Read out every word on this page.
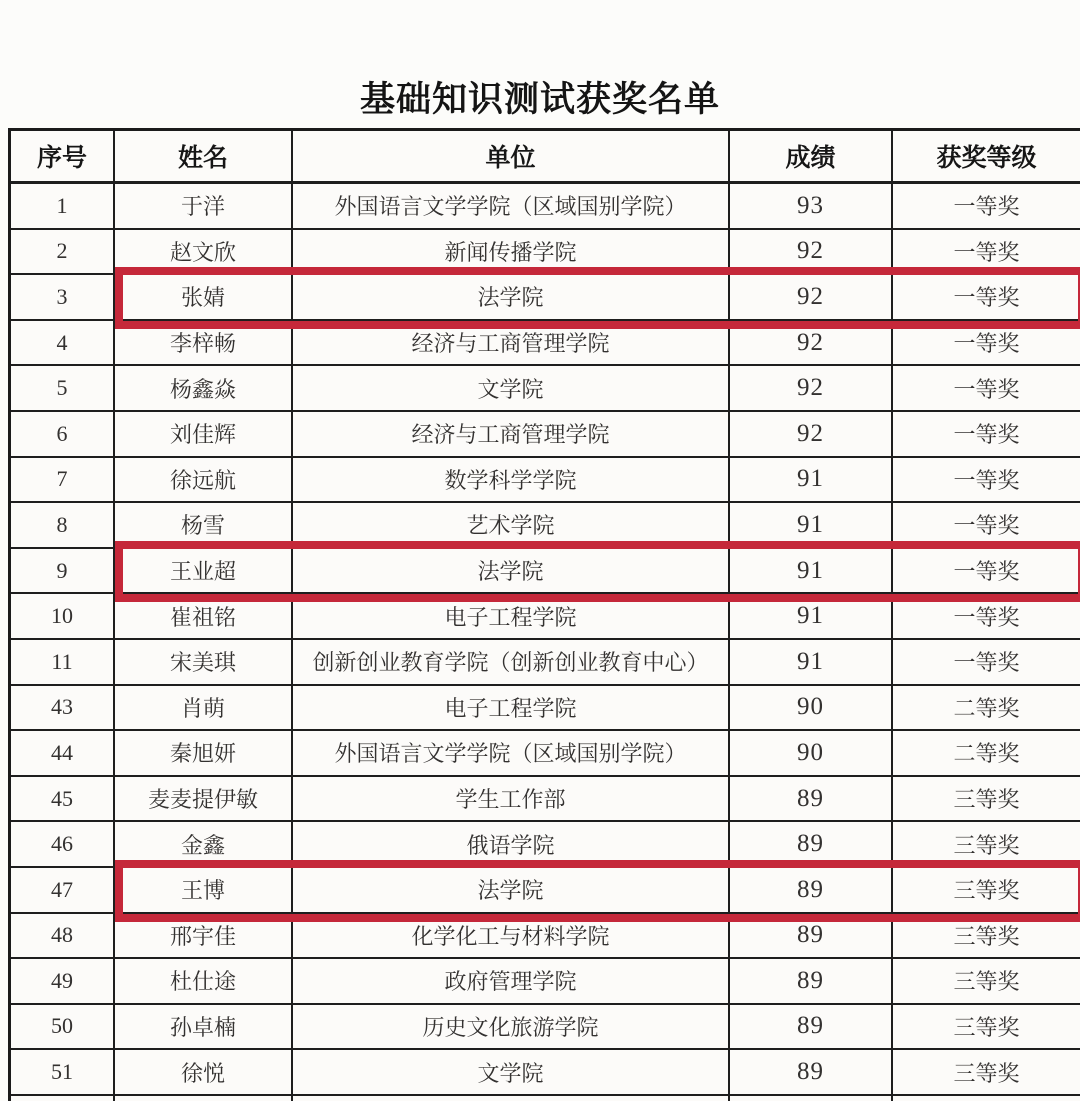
基础知识测试获奖名单
序号	姓名	单位	成绩	获奖等级
1	于洋	外国语言文学学院（区域国别学院）	93	一等奖
2	赵文欣	新闻传播学院	92	一等奖
3	张婧	法学院	92	一等奖
4	李梓畅	经济与工商管理学院	92	一等奖
5	杨鑫焱	文学院	92	一等奖
6	刘佳辉	经济与工商管理学院	92	一等奖
7	徐远航	数学科学学院	91	一等奖
8	杨雪	艺术学院	91	一等奖
9	王业超	法学院	91	一等奖
10	崔祖铭	电子工程学院	91	一等奖
11	宋美琪	创新创业教育学院（创新创业教育中心）	91	一等奖
43	肖萌	电子工程学院	90	二等奖
44	秦旭妍	外国语言文学学院（区域国别学院）	90	二等奖
45	麦麦提伊敏	学生工作部	89	三等奖
46	金鑫	俄语学院	89	三等奖
47	王博	法学院	89	三等奖
48	邢宇佳	化学化工与材料学院	89	三等奖
49	杜仕途	政府管理学院	89	三等奖
50	孙卓楠	历史文化旅游学院	89	三等奖
51	徐悦	文学院	89	三等奖
